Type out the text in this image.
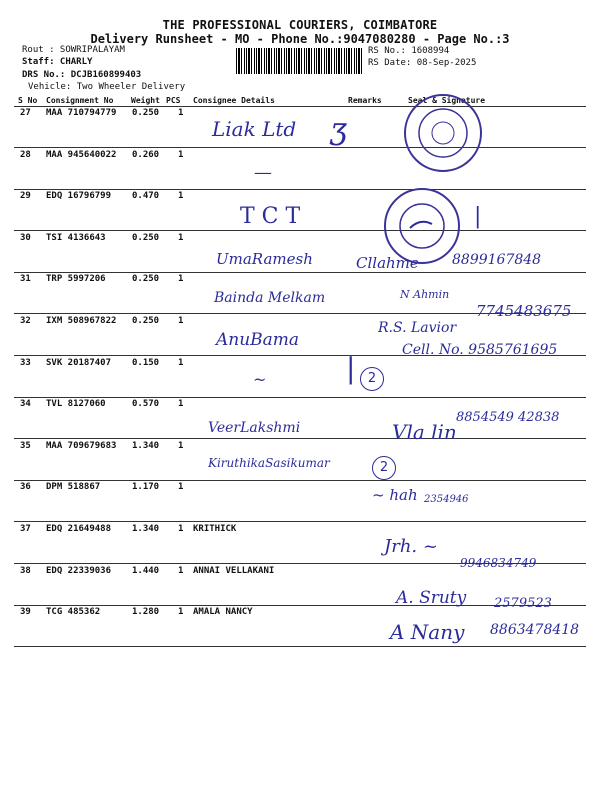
THE PROFESSIONAL COURIERS, COIMBATORE
Delivery Runsheet - MO - Phone No.:9047080280 - Page No.:3
Rout : SOWRIPALAYAM
Staff: CHARLY
DRS No.: DCJB160899403
Vehicle: Two Wheeler Delivery
RS No.: 1608994
RS Date: 08-Sep-2025
S No Consignment No Weight PCS Consignee Details	Remarks	Seal & Signature
27 MAA 710794779 0.250 1
28 MAA 945640022 0.260 1
29 EDQ 16796799 0.470 1
30 TSI 4136643	0.250 1
31 TRP 5997206	0.250 1
32 IXM 508967822 0.250 1
33 SVK 20187407 0.150 1
34 TVL 8127060	0.570 1
35 MAA 709679683 1.340 1
36 DPM 518867	1.170 1
37 EDQ 21649488 1.340 1 KRITHICK
38 EDQ 22339036 1.440 1 ANNAI VELLAKANI
39 TCG 485362	1.280 1 AMALA NANCY
Liak Ltd
—
Ʒ
T C T
UmaRamesh	Cllahme 8899167848
Bainda Melkam	N Ahmin
7745483675
AnuBama
R.S. Lavior
Cell. No. 9585761695
~	| 2
VeerLakshmi	Vla lin
8854549 42838
KiruthikaSasikumar	2
~ hah 2354946
Jrh. ~
9946834749
A. Sruty 2579523
A Nany 8863478418
|
